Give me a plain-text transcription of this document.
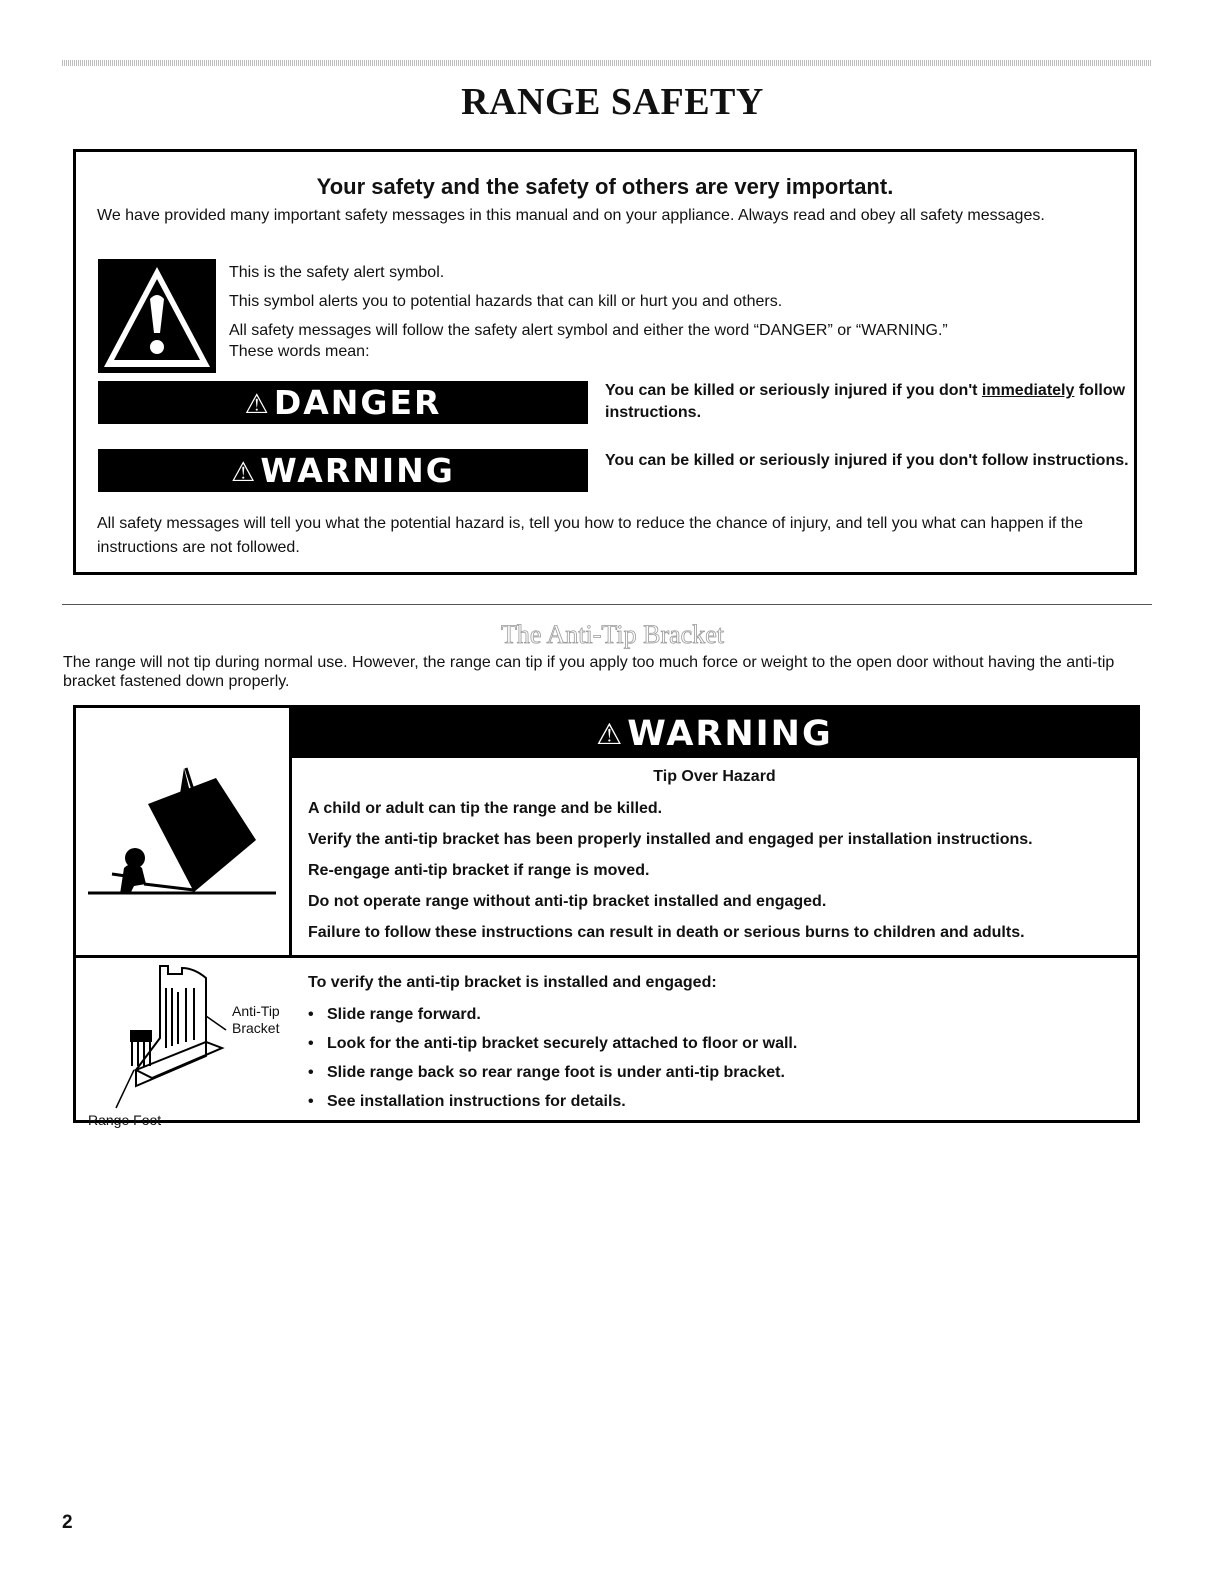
RANGE SAFETY
Your safety and the safety of others are very important.
We have provided many important safety messages in this manual and on your appliance. Always read and obey all safety messages.
This is the safety alert symbol.
This symbol alerts you to potential hazards that can kill or hurt you and others.
All safety messages will follow the safety alert symbol and either the word “DANGER” or “WARNING.”
These words mean:
⚠DANGER	You can be killed or seriously injured if you don't immediately follow instructions.
⚠WARNING	You can be killed or seriously injured if you don't follow instructions.
All safety messages will tell you what the potential hazard is, tell you how to reduce the chance of injury, and tell you what can happen if the instructions are not followed.
The Anti-Tip Bracket
The range will not tip during normal use. However, the range can tip if you apply too much force or weight to the open door without having the anti-tip bracket fastened down properly.
⚠WARNING
Tip Over Hazard
A child or adult can tip the range and be killed.
Verify the anti-tip bracket has been properly installed and engaged per installation instructions.
Re-engage anti-tip bracket if range is moved.
Do not operate range without anti-tip bracket installed and engaged.
Failure to follow these instructions can result in death or serious burns to children and adults.
Anti-Tip
Bracket
Range Foot
To verify the anti-tip bracket is installed and engaged:
• Slide range forward.
• Look for the anti-tip bracket securely attached to floor or wall.
• Slide range back so rear range foot is under anti-tip bracket.
• See installation instructions for details.
2
